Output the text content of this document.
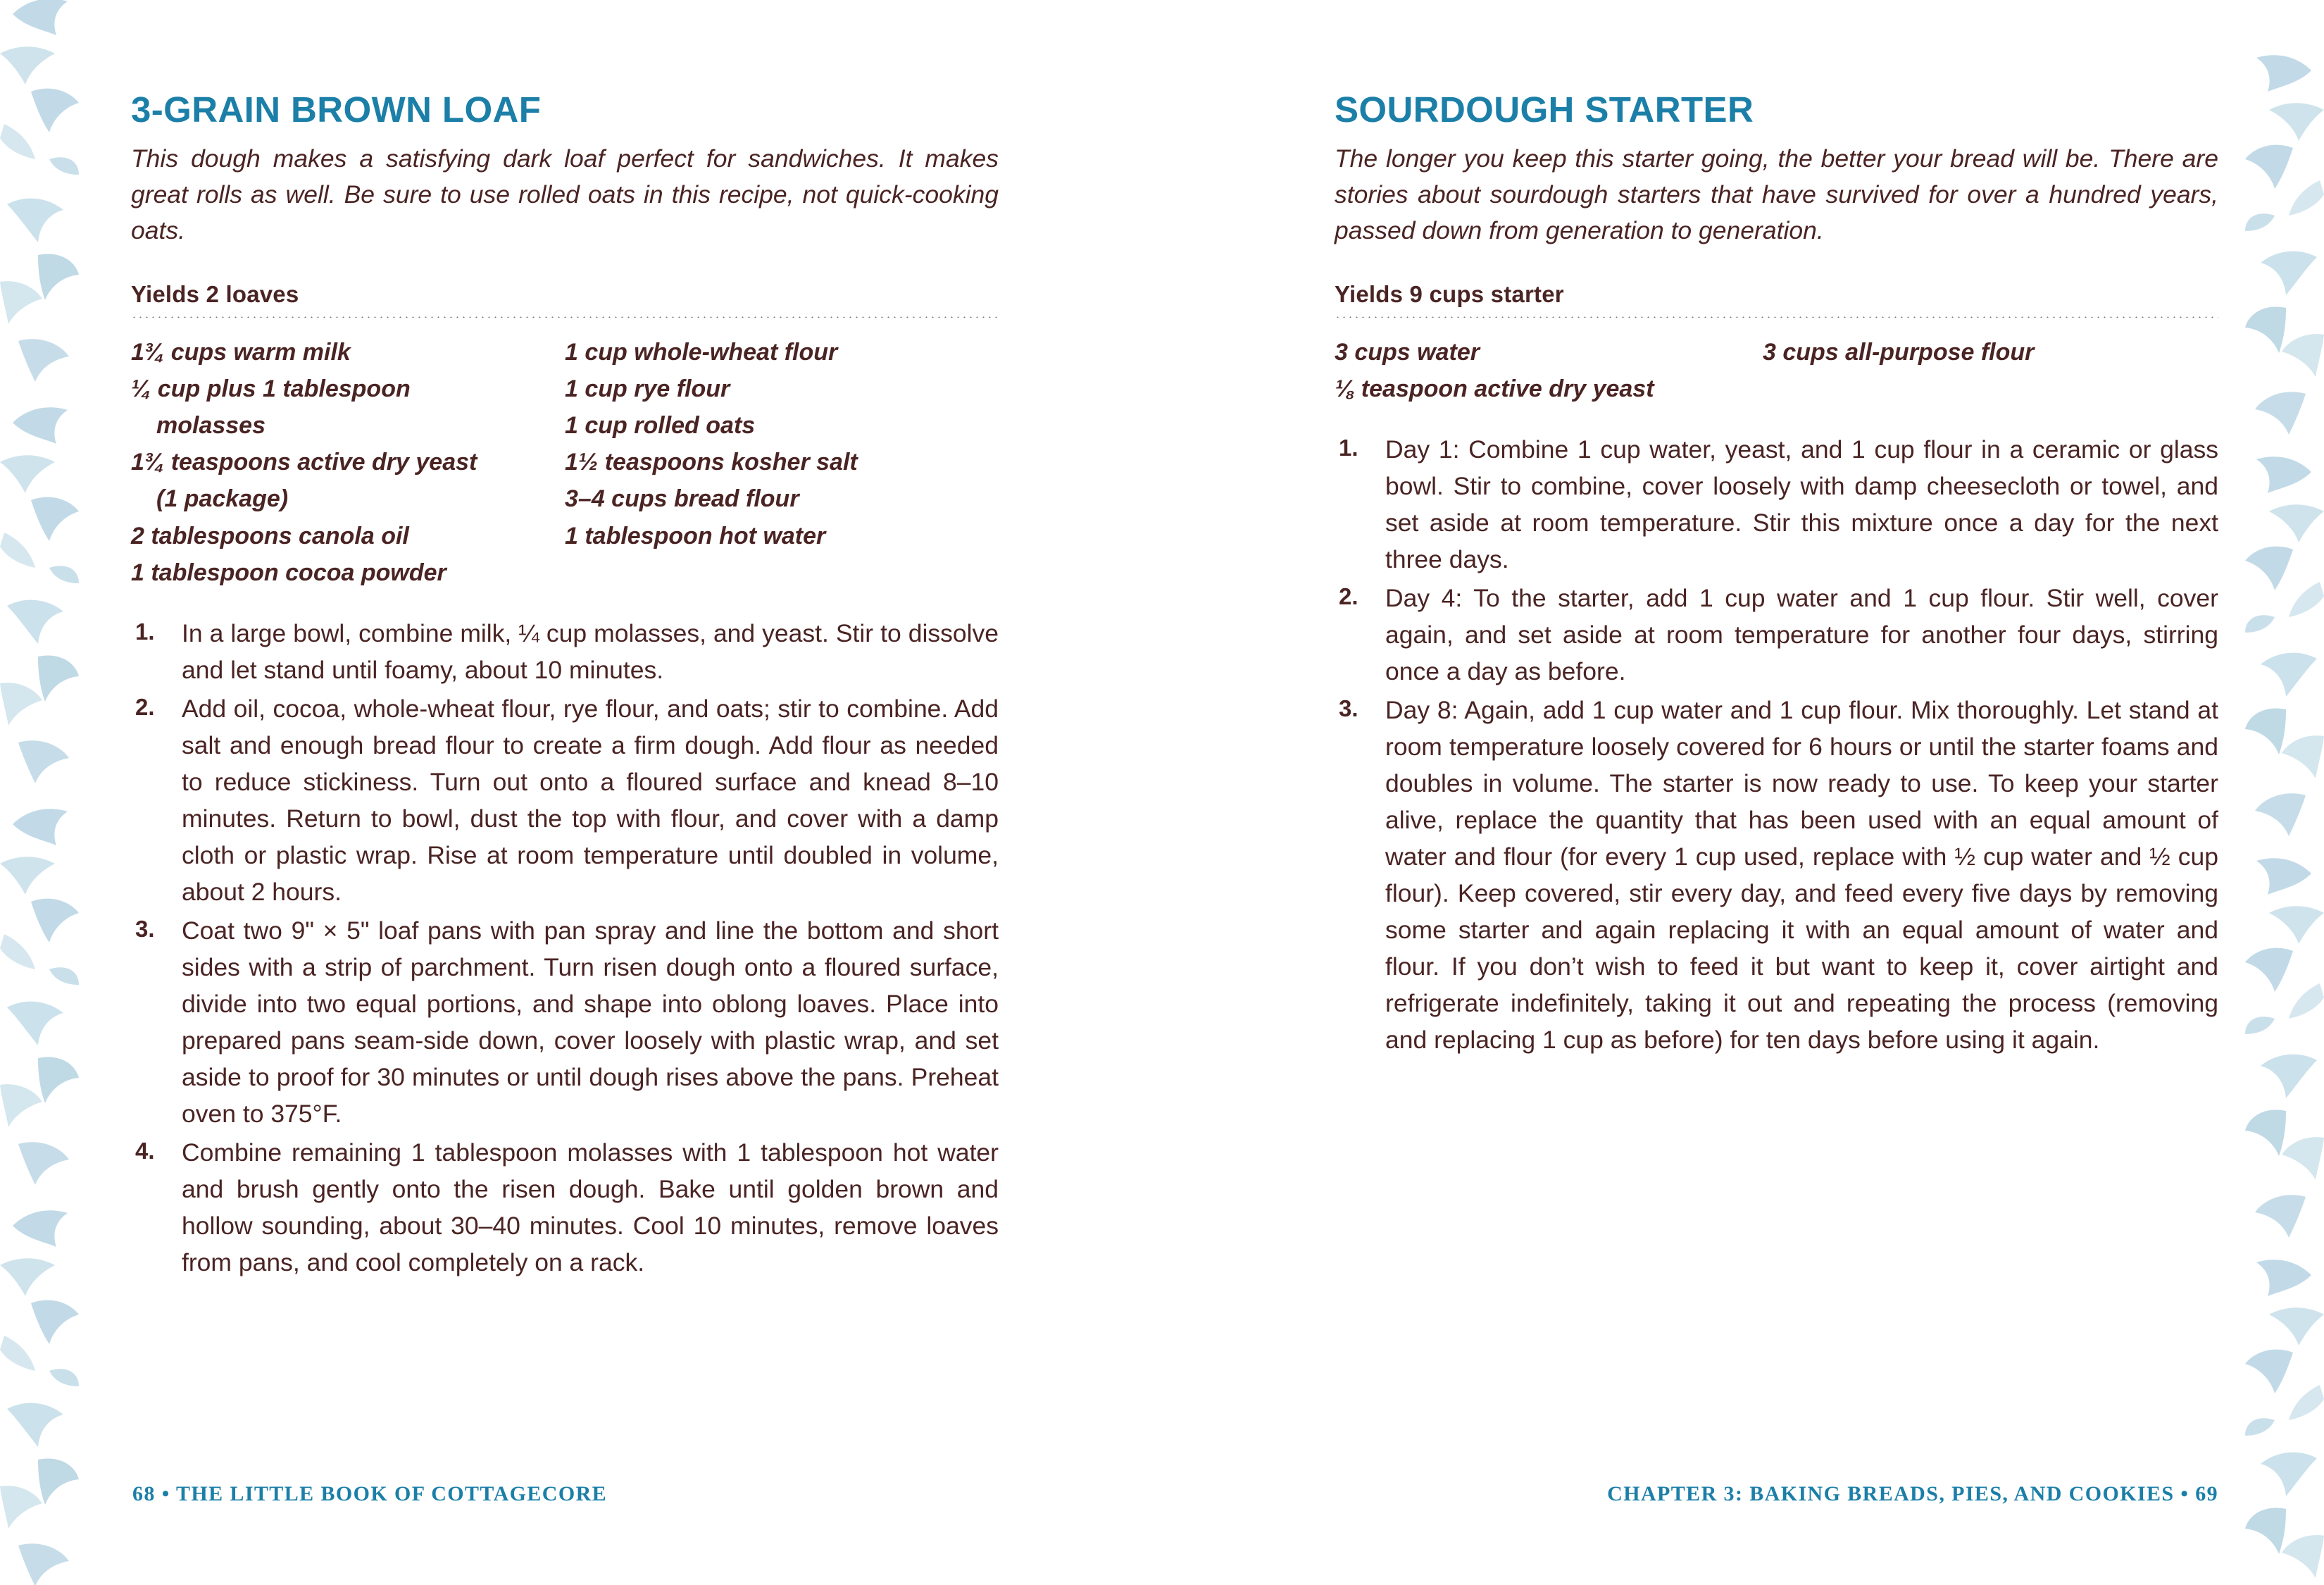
3-GRAIN BROWN LOAF

This dough makes a satisfying dark loaf perfect for sandwiches. It makes great rolls as well. Be sure to use rolled oats in this recipe, not quick-cooking oats.

Yields 2 loaves
1¾ cups warm milk
¼ cup plus 1 tablespoon
molasses
1¾ teaspoons active dry yeast
(1 package)
2 tablespoons canola oil
1 tablespoon cocoa powder
1 cup whole-wheat flour
1 cup rye flour
1 cup rolled oats
1½ teaspoons kosher salt
3–4 cups bread flour
1 tablespoon hot water
In a large bowl, combine milk, ¼ cup molasses, and yeast. Stir to dissolve and let stand until foamy, about 10 minutes.
Add oil, cocoa, whole-wheat flour, rye flour, and oats; stir to combine. Add salt and enough bread flour to create a firm dough. Add flour as needed to reduce stickiness. Turn out onto a floured surface and knead 8–10 minutes. Return to bowl, dust the top with flour, and cover with a damp cloth or plastic wrap. Rise at room temperature until doubled in volume, about 2 hours.
Coat two 9" × 5" loaf pans with pan spray and line the bottom and short sides with a strip of parchment. Turn risen dough onto a floured surface, divide into two equal portions, and shape into oblong loaves. Place into prepared pans seam-side down, cover loosely with plastic wrap, and set aside to proof for 30 minutes or until dough rises above the pans. Preheat oven to 375°F.
Combine remaining 1 tablespoon molasses with 1 tablespoon hot water and brush gently onto the risen dough. Bake until golden brown and hollow sounding, about 30–40 minutes. Cool 10 minutes, remove loaves from pans, and cool completely on a rack.
68 • THE LITTLE BOOK OF COTTAGECORE
SOURDOUGH STARTER

The longer you keep this starter going, the better your bread will be. There are stories about sourdough starters that have survived for over a hundred years, passed down from generation to generation.

Yields 9 cups starter
3 cups water
⅛ teaspoon active dry yeast
3 cups all-purpose flour
Day 1: Combine 1 cup water, yeast, and 1 cup flour in a ceramic or glass bowl. Stir to combine, cover loosely with damp cheesecloth or towel, and set aside at room temperature. Stir this mixture once a day for the next three days.
Day 4: To the starter, add 1 cup water and 1 cup flour. Stir well, cover again, and set aside at room temperature for another four days, stirring once a day as before.
Day 8: Again, add 1 cup water and 1 cup flour. Mix thoroughly. Let stand at room temperature loosely covered for 6 hours or until the starter foams and doubles in volume. The starter is now ready to use. To keep your starter alive, replace the quantity that has been used with an equal amount of water and flour (for every 1 cup used, replace with ½ cup water and ½ cup flour). Keep covered, stir every day, and feed every five days by removing some starter and again replacing it with an equal amount of water and flour. If you don’t wish to feed it but want to keep it, cover airtight and refrigerate indefinitely, taking it out and repeating the process (removing and replacing 1 cup as before) for ten days before using it again.
CHAPTER 3: BAKING BREADS, PIES, AND COOKIES • 69
